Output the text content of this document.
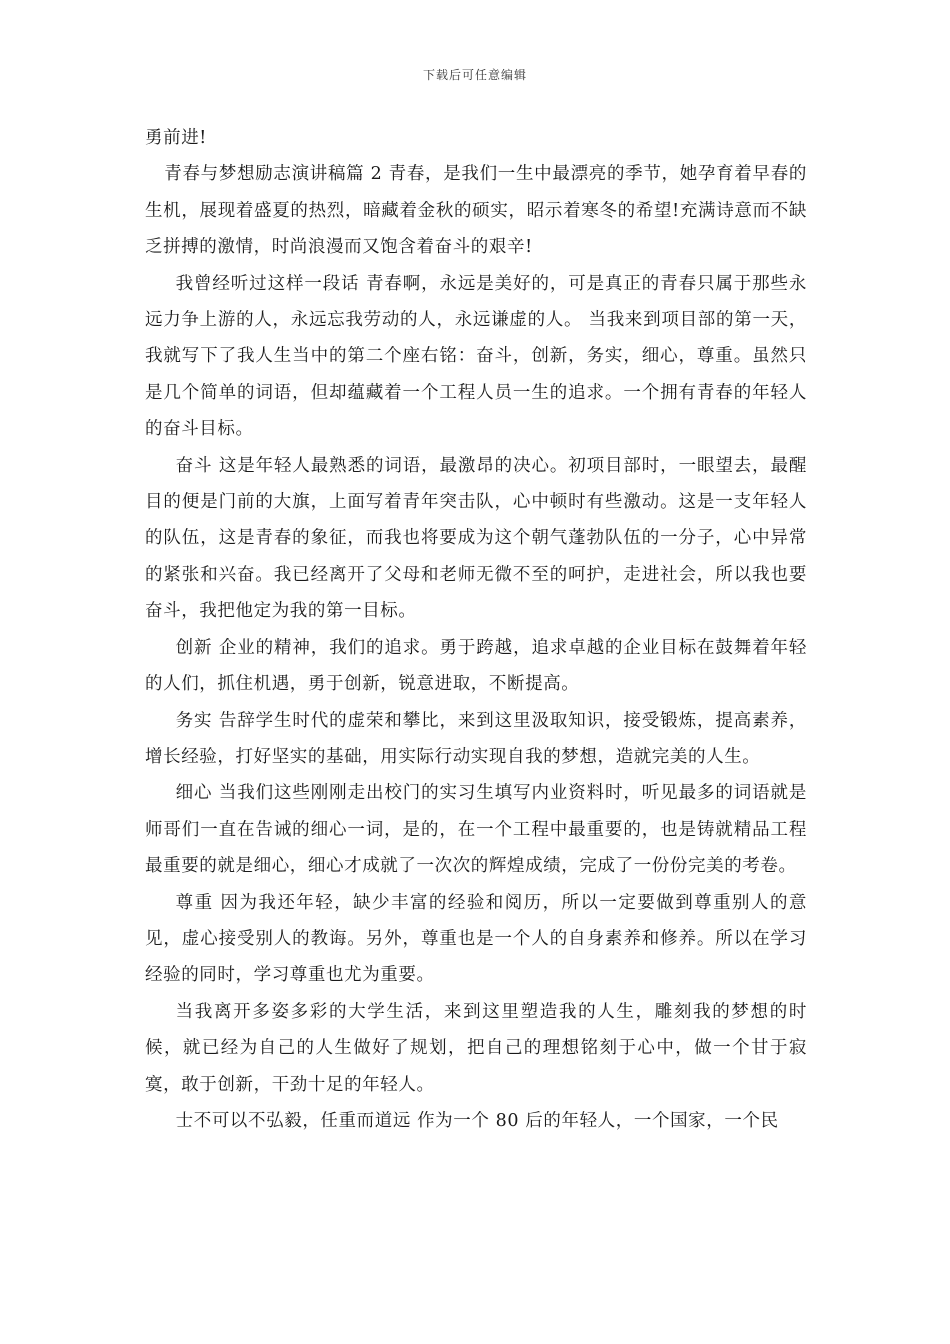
下载后可任意编辑

勇前进!

青春与梦想励志演讲稿篇 2 青春，是我们一生中最漂亮的季节，她孕育着早春的生机，展现着盛夏的热烈，暗藏着金秋的硕实，昭示着寒冬的希望!充满诗意而不缺乏拼搏的激情，时尚浪漫而又饱含着奋斗的艰辛!

我曾经听过这样一段话 青春啊，永远是美好的，可是真正的青春只属于那些永远力争上游的人，永远忘我劳动的人，永远谦虚的人。 当我来到项目部的第一天，我就写下了我人生当中的第二个座右铭：奋斗，创新，务实，细心，尊重。虽然只是几个简单的词语，但却蕴藏着一个工程人员一生的追求。一个拥有青春的年轻人的奋斗目标。

奋斗 这是年轻人最熟悉的词语，最激昂的决心。初项目部时，一眼望去，最醒目的便是门前的大旗，上面写着青年突击队，心中顿时有些激动。这是一支年轻人的队伍，这是青春的象征，而我也将要成为这个朝气蓬勃队伍的一分子，心中异常的紧张和兴奋。我已经离开了父母和老师无微不至的呵护，走进社会，所以我也要奋斗，我把他定为我的第一目标。

创新 企业的精神，我们的追求。勇于跨越，追求卓越的企业目标在鼓舞着年轻的人们，抓住机遇，勇于创新，锐意进取，不断提高。

务实 告辞学生时代的虚荣和攀比，来到这里汲取知识，接受锻炼，提高素养，增长经验，打好坚实的基础，用实际行动实现自我的梦想，造就完美的人生。

细心 当我们这些刚刚走出校门的实习生填写内业资料时，听见最多的词语就是师哥们一直在告诫的细心一词，是的，在一个工程中最重要的，也是铸就精品工程最重要的就是细心，细心才成就了一次次的辉煌成绩，完成了一份份完美的考卷。

尊重 因为我还年轻，缺少丰富的经验和阅历，所以一定要做到尊重别人的意见，虚心接受别人的教诲。另外，尊重也是一个人的自身素养和修养。所以在学习经验的同时，学习尊重也尤为重要。

当我离开多姿多彩的大学生活，来到这里塑造我的人生，雕刻我的梦想的时候，就已经为自己的人生做好了规划，把自己的理想铭刻于心中，做一个甘于寂寞，敢于创新，干劲十足的年轻人。

士不可以不弘毅，任重而道远 作为一个 80 后的年轻人，一个国家，一个民
